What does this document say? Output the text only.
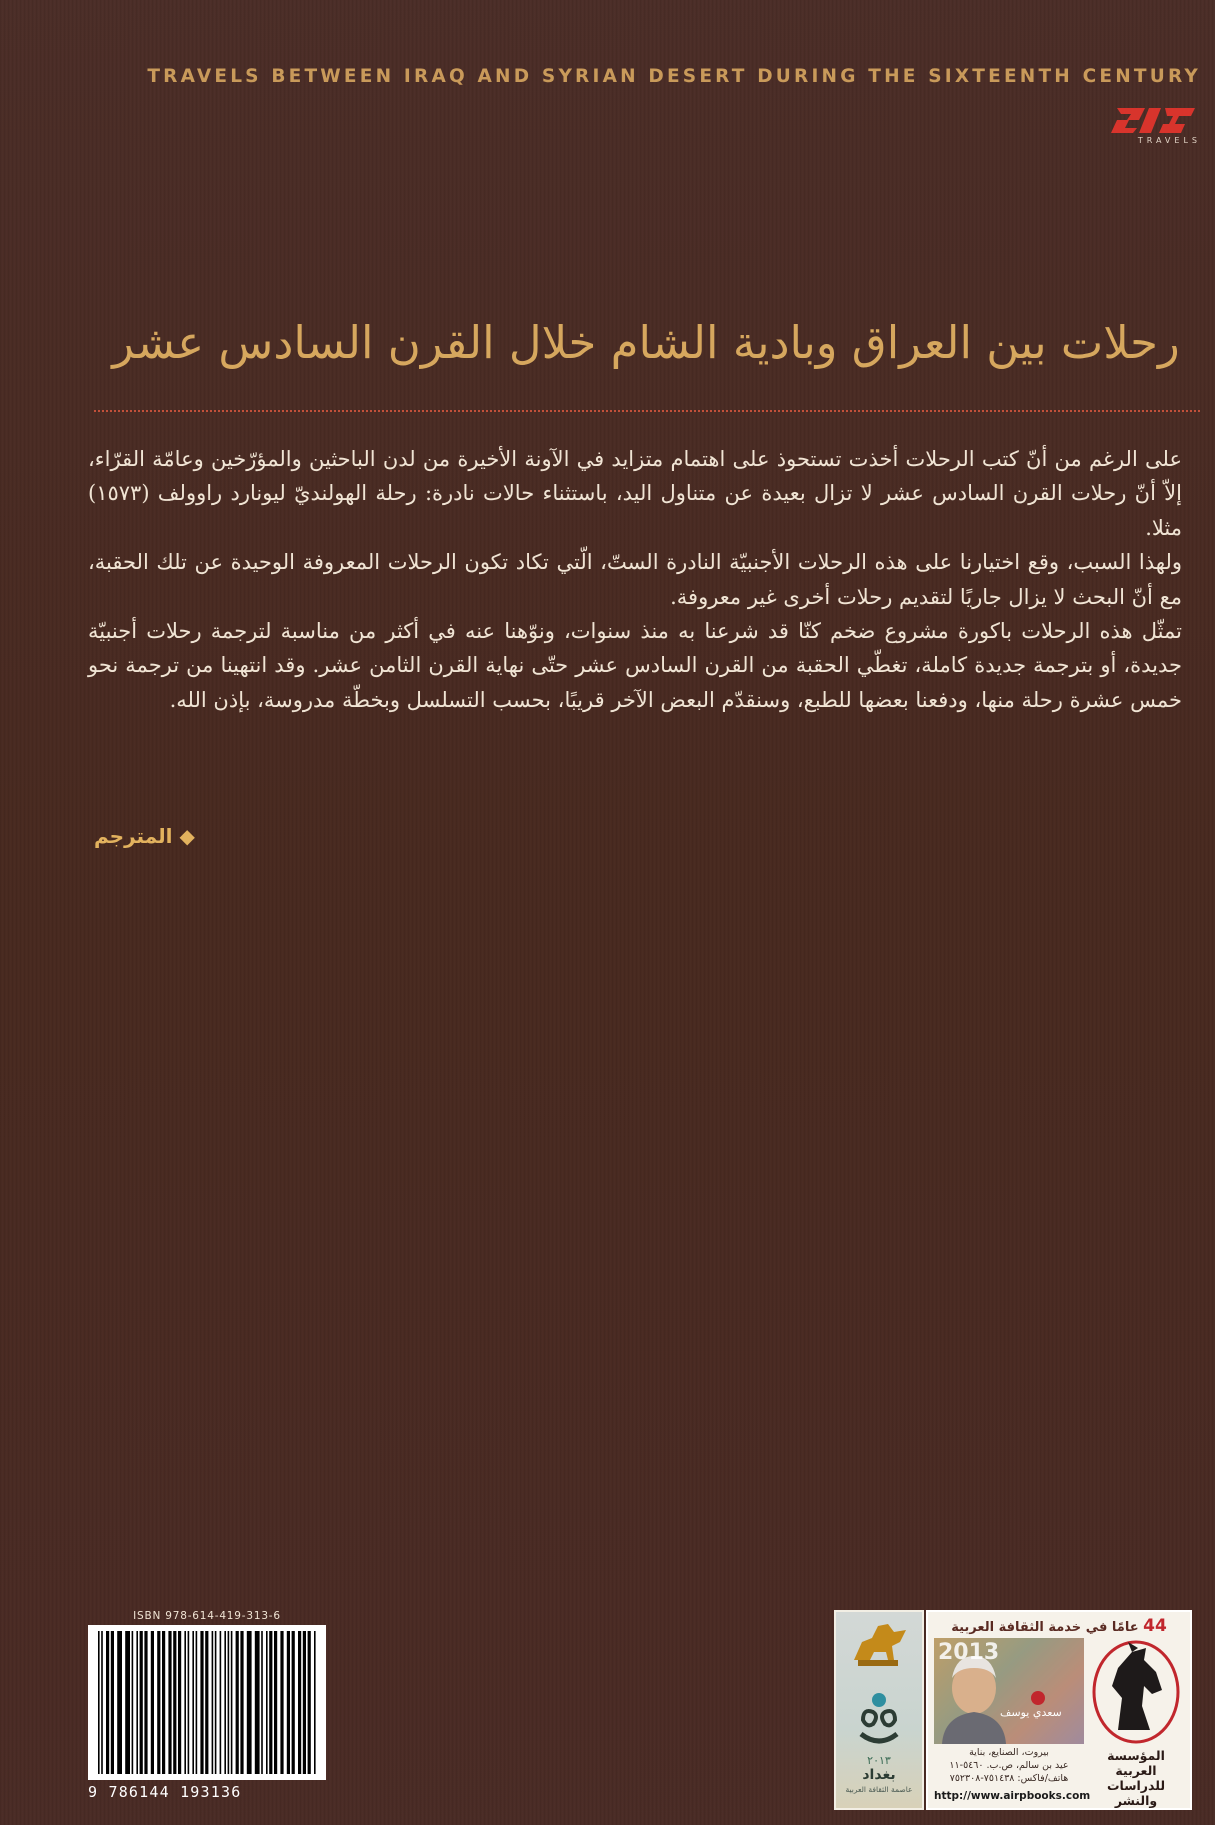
TRAVELS BETWEEN IRAQ AND SYRIAN DESERT DURING THE SIXTEENTH CENTURY
TRAVELS
رحلات بين العراق وبادية الشام خلال القرن السادس عشر

على الرغم من أنّ كتب الرحلات أخذت تستحوذ على اهتمام متزايد في الآونة الأخيرة من لدن الباحثين والمؤرّخين وعامّة القرّاء، إلاّ أنّ رحلات القرن السادس عشر لا تزال بعيدة عن متناول اليد، باستثناء حالات نادرة: رحلة الهولنديّ ليونارد راوولف (١٥٧٣) مثلا.

ولهذا السبب، وقع اختيارنا على هذه الرحلات الأجنبيّة النادرة الستّ، الّتي تكاد تكون الرحلات المعروفة الوحيدة عن تلك الحقبة، مع أنّ البحث لا يزال جاريًا لتقديم رحلات أخرى غير معروفة.

تمثّل هذه الرحلات باكورة مشروع ضخم كنّا قد شرعنا به منذ سنوات، ونوّهنا عنه في أكثر من مناسبة لترجمة رحلات أجنبيّة جديدة، أو بترجمة جديدة كاملة، تغطّي الحقبة من القرن السادس عشر حتّى نهاية القرن الثامن عشر. وقد انتهينا من ترجمة نحو خمس عشرة رحلة منها، ودفعنا بعضها للطبع، وسنقدّم البعض الآخر قريبًا، بحسب التسلسل وبخطّة مدروسة، بإذن الله.

◆ المترجم
ISBN 978-614-419-313-6
9 786144 193136
٢٠١٣
بغداد
عاصمة الثقافة العربية
44 عامًا في خدمة الثقافة العربية
2013
سعدي يوسف
بيروت، الصنايع، بناية
عيد بن سالم، ص.ب. ٥٤٦٠-١١
هاتف/فاكس: ٧٥١٤٣٨-٧٥٢٣٠٨
http://www.airpbooks.com
المؤسسة
العربية
للدراسات
والنشر
